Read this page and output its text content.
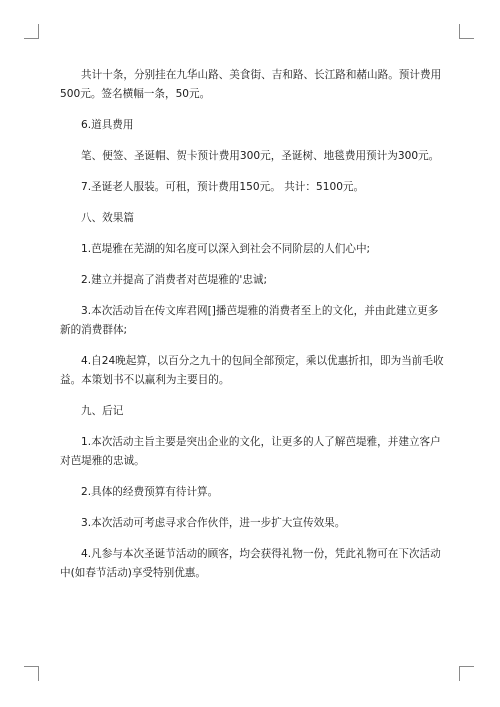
共计十条，分别挂在九华山路、美食街、吉和路、长江路和赭山路。预计费用500元。签名横幅一条，50元。

6.道具费用

笔、便签、圣诞帽、贺卡预计费用300元，圣诞树、地毯费用预计为300元。

7.圣诞老人服装。可租，预计费用150元。 共计：5100元。

八、效果篇

1.芭堤雅在芜湖的知名度可以深入到社会不同阶层的人们心中;

2.建立并提高了消费者对芭堤雅的'忠诚;

3.本次活动旨在传文库君网[]播芭堤雅的消费者至上的文化，并由此建立更多新的消费群体;

4.自24晚起算，以百分之九十的包间全部预定，乘以优惠折扣，即为当前毛收益。本策划书不以赢利为主要目的。

九、后记

1.本次活动主旨主要是突出企业的文化，让更多的人了解芭堤雅，并建立客户对芭堤雅的忠诚。

2.具体的经费预算有待计算。

3.本次活动可考虑寻求合作伙伴，进一步扩大宣传效果。

4.凡参与本次圣诞节活动的顾客，均会获得礼物一份，凭此礼物可在下次活动中(如春节活动)享受特别优惠。
